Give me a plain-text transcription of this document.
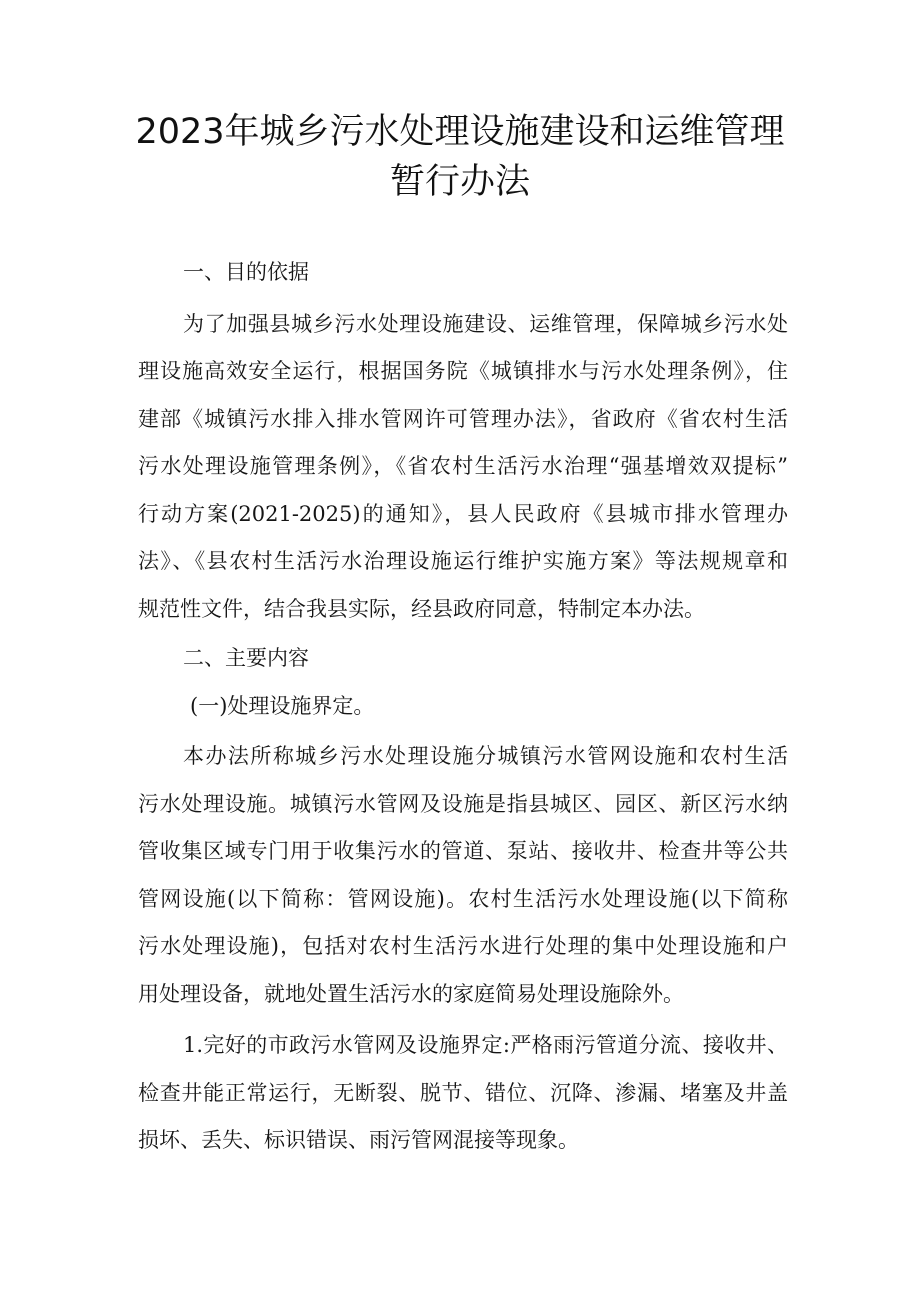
2023年城乡污水处理设施建设和运维管理
暂行办法
一、目的依据
为了加强县城乡污水处理设施建设、运维管理，保障城乡污水处
理设施高效安全运行，根据国务院《城镇排水与污水处理条例》，住
建部《城镇污水排入排水管网许可管理办法》，省政府《省农村生活
污水处理设施管理条例》，《省农村生活污水治理“强基增效双提标”
行动方案(2021-2025)的通知》，县人民政府《县城市排水管理办
法》、《县农村生活污水治理设施运行维护实施方案》等法规规章和
规范性文件，结合我县实际，经县政府同意，特制定本办法。
二、主要内容
(一)处理设施界定。
本办法所称城乡污水处理设施分城镇污水管网设施和农村生活
污水处理设施。城镇污水管网及设施是指县城区、园区、新区污水纳
管收集区域专门用于收集污水的管道、泵站、接收井、检查井等公共
管网设施(以下简称：管网设施)。农村生活污水处理设施(以下简称
污水处理设施)，包括对农村生活污水进行处理的集中处理设施和户
用处理设备，就地处置生活污水的家庭简易处理设施除外。
1.完好的市政污水管网及设施界定:严格雨污管道分流、接收井、
检查井能正常运行，无断裂、脱节、错位、沉降、渗漏、堵塞及井盖
损坏、丢失、标识错误、雨污管网混接等现象。
